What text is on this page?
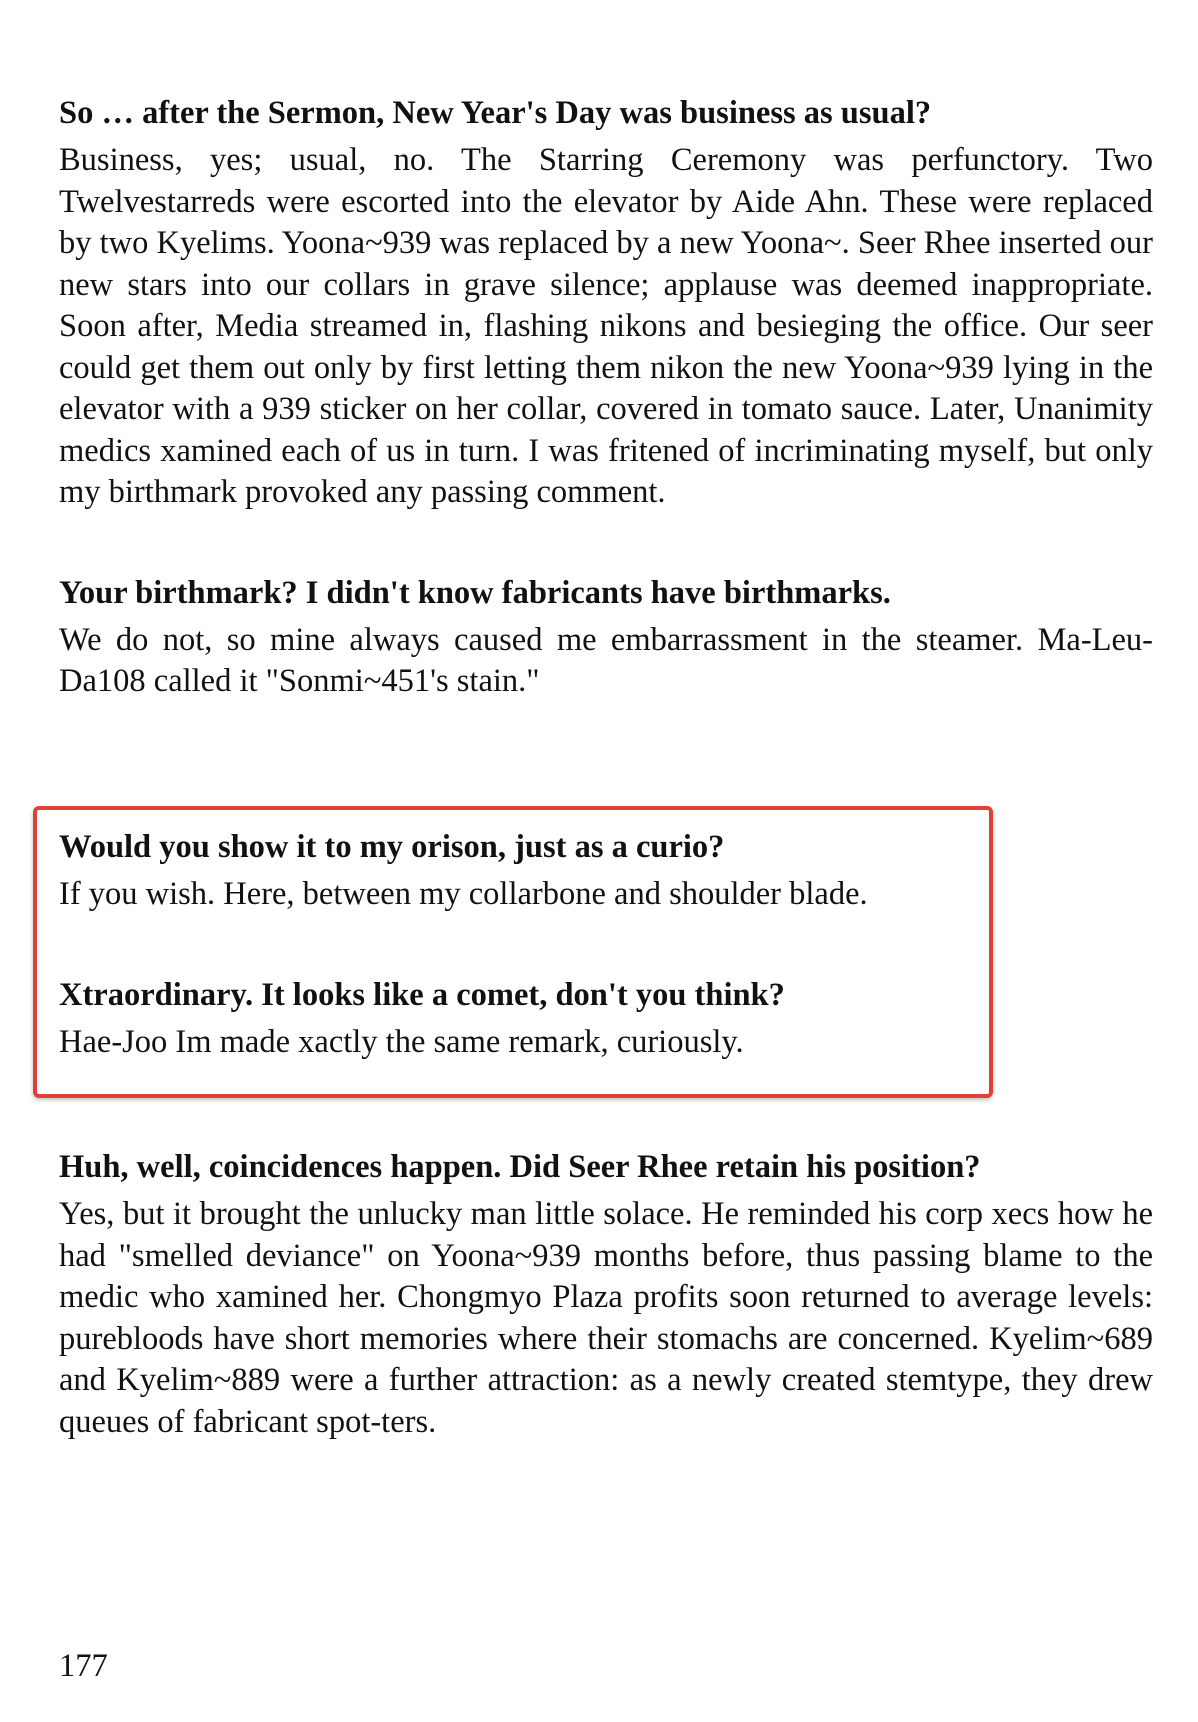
So … after the Sermon, New Year's Day was business as usual?

Business, yes; usual, no. The Starring Ceremony was perfunctory. Two Twelvestarreds were escorted into the elevator by Aide Ahn. These were replaced by two Kyelims. Yoona~939 was replaced by a new Yoona~. Seer Rhee inserted our new stars into our collars in grave silence; applause was deemed inappropriate. Soon after, Media streamed in, flashing nikons and besieging the office. Our seer could get them out only by first letting them nikon the new Yoona~939 lying in the elevator with a 939 sticker on her collar, covered in tomato sauce. Later, Unanimity medics xamined each of us in turn. I was fritened of incriminating myself, but only my birthmark provoked any passing comment.

Your birthmark? I didn't know fabricants have birthmarks.

We do not, so mine always caused me embarrassment in the steamer. Ma-Leu-Da108 called it "Sonmi~451's stain."

Would you show it to my orison, just as a curio?

If you wish. Here, between my collarbone and shoulder blade.

Xtraordinary. It looks like a comet, don't you think?

Hae-Joo Im made xactly the same remark, curiously.

Huh, well, coincidences happen. Did Seer Rhee retain his position?

Yes, but it brought the unlucky man little solace. He reminded his corp xecs how he had "smelled deviance" on Yoona~939 months before, thus passing blame to the medic who xamined her. Chongmyo Plaza profits soon returned to average levels: purebloods have short memories where their stomachs are concerned. Kyelim~689 and Kyelim~889 were a further attraction: as a newly created stemtype, they drew queues of fabricant spot-ters.

177
